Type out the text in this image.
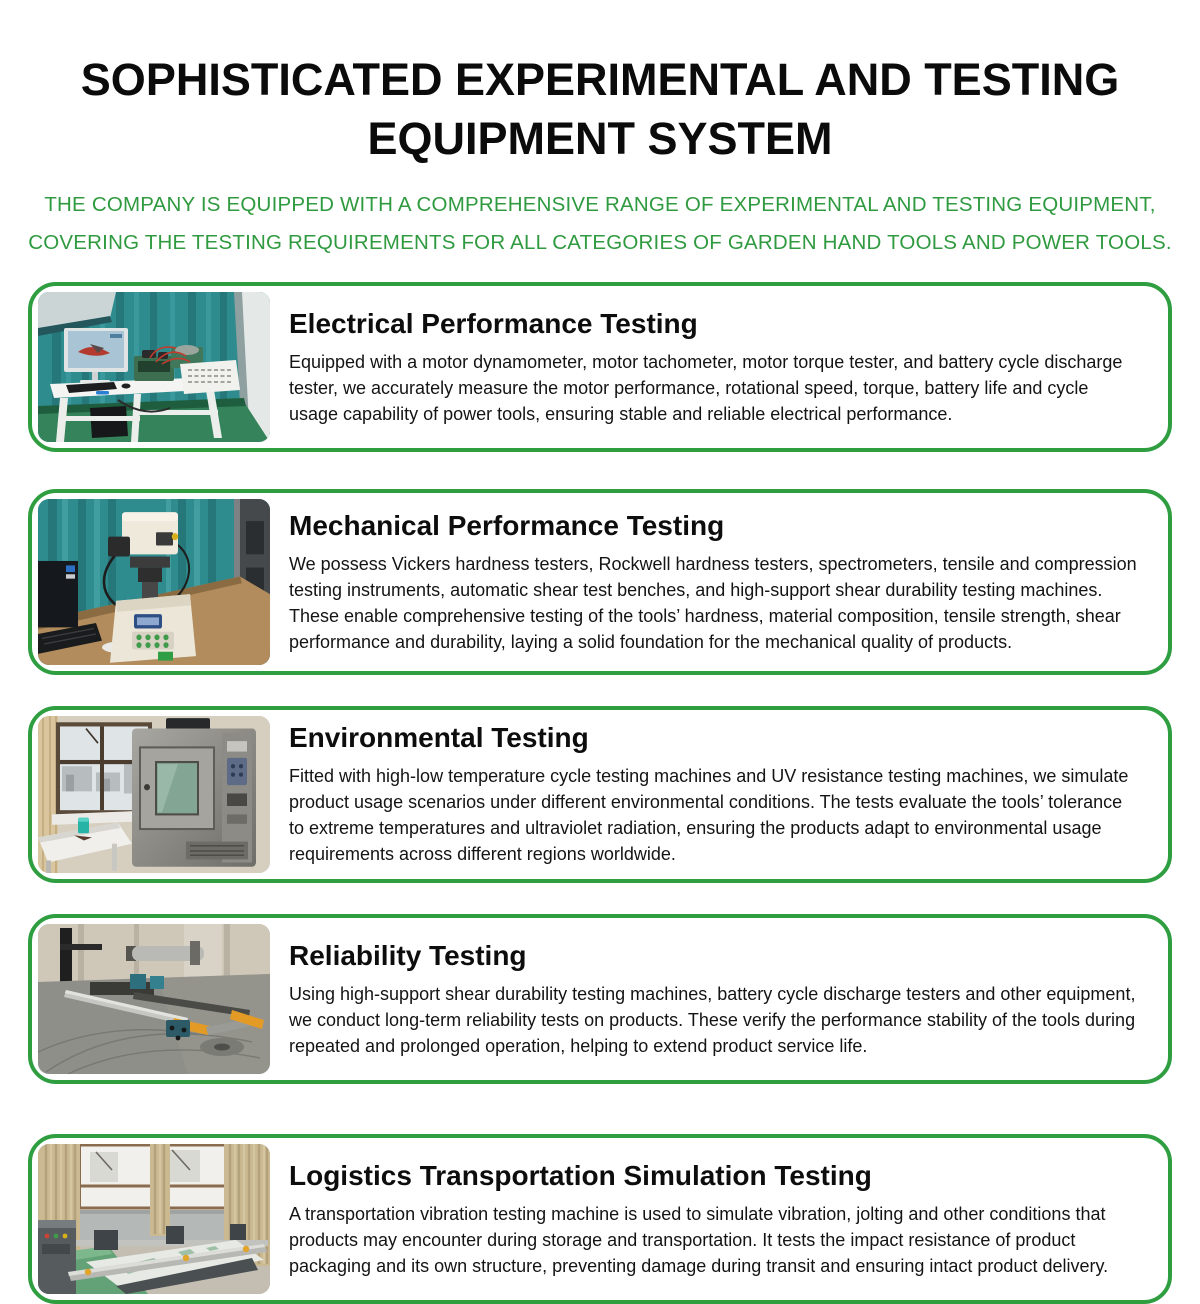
SOPHISTICATED EXPERIMENTAL AND TESTING
EQUIPMENT SYSTEM
THE COMPANY IS EQUIPPED WITH A COMPREHENSIVE RANGE OF EXPERIMENTAL AND TESTING EQUIPMENT,
COVERING THE TESTING REQUIREMENTS FOR ALL CATEGORIES OF GARDEN HAND TOOLS AND POWER TOOLS.
Electrical Performance Testing

Equipped with a motor dynamometer, motor tachometer, motor torque tester, and battery cycle discharge tester, we accurately measure the motor performance, rotational speed, torque, battery life and cycle usage capability of power tools, ensuring stable and reliable electrical performance.

Mechanical Performance Testing

We possess Vickers hardness testers, Rockwell hardness testers, spectrometers, tensile and compression testing instruments, automatic shear test benches, and high-support shear durability testing machines. These enable comprehensive testing of the tools’ hardness, material composition, tensile strength, shear performance and durability, laying a solid foundation for the mechanical quality of products.

Environmental Testing

Fitted with high-low temperature cycle testing machines and UV resistance testing machines, we simulate product usage scenarios under different environmental conditions. The tests evaluate the tools’ tolerance to extreme temperatures and ultraviolet radiation, ensuring the products adapt to environmental usage requirements across different regions worldwide.

Reliability Testing

Using high-support shear durability testing machines, battery cycle discharge testers and other equipment, we conduct long-term reliability tests on products. These verify the performance stability of the tools during repeated and prolonged operation, helping to extend product service life.

Logistics Transportation Simulation Testing

A transportation vibration testing machine is used to simulate vibration, jolting and other conditions that products may encounter during storage and transportation. It tests the impact resistance of product packaging and its own structure, preventing damage during transit and ensuring intact product delivery.
